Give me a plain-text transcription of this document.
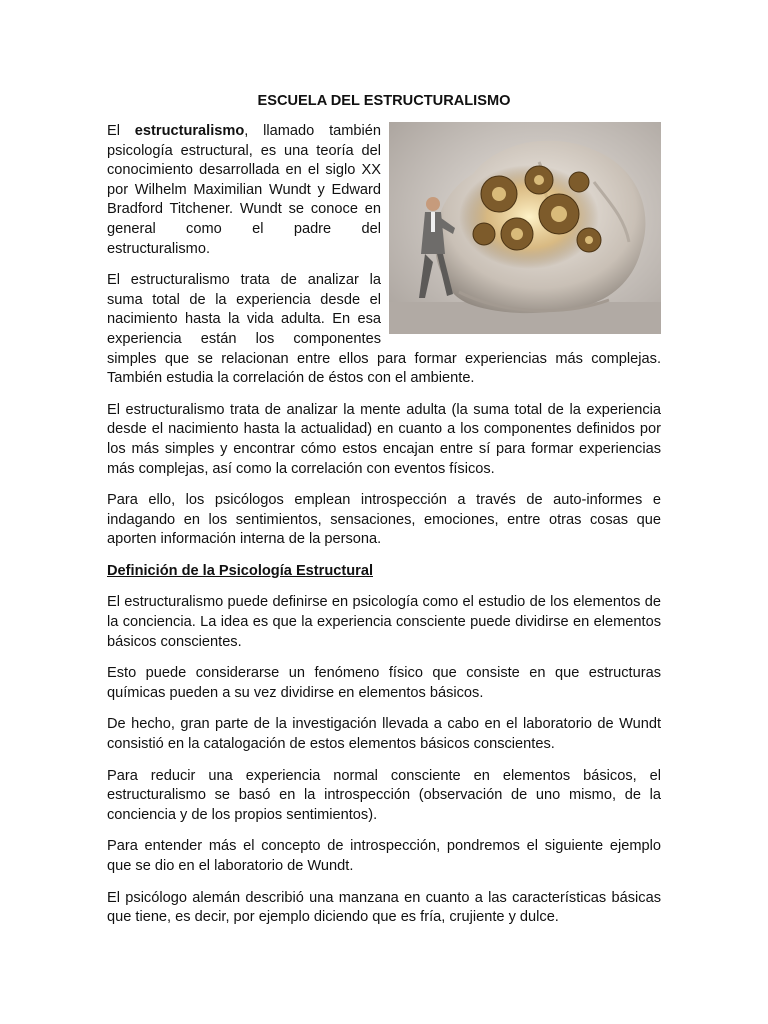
ESCUELA DEL ESTRUCTURALISMO

El estructuralismo, llamado también psicología estructural, es una teoría del conocimiento desarrollada en el siglo XX por Wilhelm Maximilian Wundt y Edward Bradford Titchener. Wundt se conoce en general como el padre del estructuralismo.

El estructuralismo trata de analizar la suma total de la experiencia desde el nacimiento hasta la vida adulta. En esa experiencia están los componentes simples que se relacionan entre ellos para formar experiencias más complejas. También estudia la correlación de éstos con el ambiente.

El estructuralismo trata de analizar la mente adulta (la suma total de la experiencia desde el nacimiento hasta la actualidad) en cuanto a los componentes definidos por los más simples y encontrar cómo estos encajan entre sí para formar experiencias más complejas, así como la correlación con eventos físicos.

Para ello, los psicólogos emplean introspección a través de auto-informes e indagando en los sentimientos, sensaciones, emociones, entre otras cosas que aporten información interna de la persona.

Definición de la Psicología Estructural

El estructuralismo puede definirse en psicología como el estudio de los elementos de la conciencia. La idea es que la experiencia consciente puede dividirse en elementos básicos conscientes.

Esto puede considerarse un fenómeno físico que consiste en que estructuras químicas pueden a su vez dividirse en elementos básicos.

De hecho, gran parte de la investigación llevada a cabo en el laboratorio de Wundt consistió en la catalogación de estos elementos básicos conscientes.

Para reducir una experiencia normal consciente en elementos básicos, el estructuralismo se basó en la introspección (observación de uno mismo, de la conciencia y de los propios sentimientos).

Para entender más el concepto de introspección, pondremos el siguiente ejemplo que se dio en el laboratorio de Wundt.

El psicólogo alemán describió una manzana en cuanto a las características básicas que tiene, es decir, por ejemplo diciendo que es fría, crujiente y dulce.
